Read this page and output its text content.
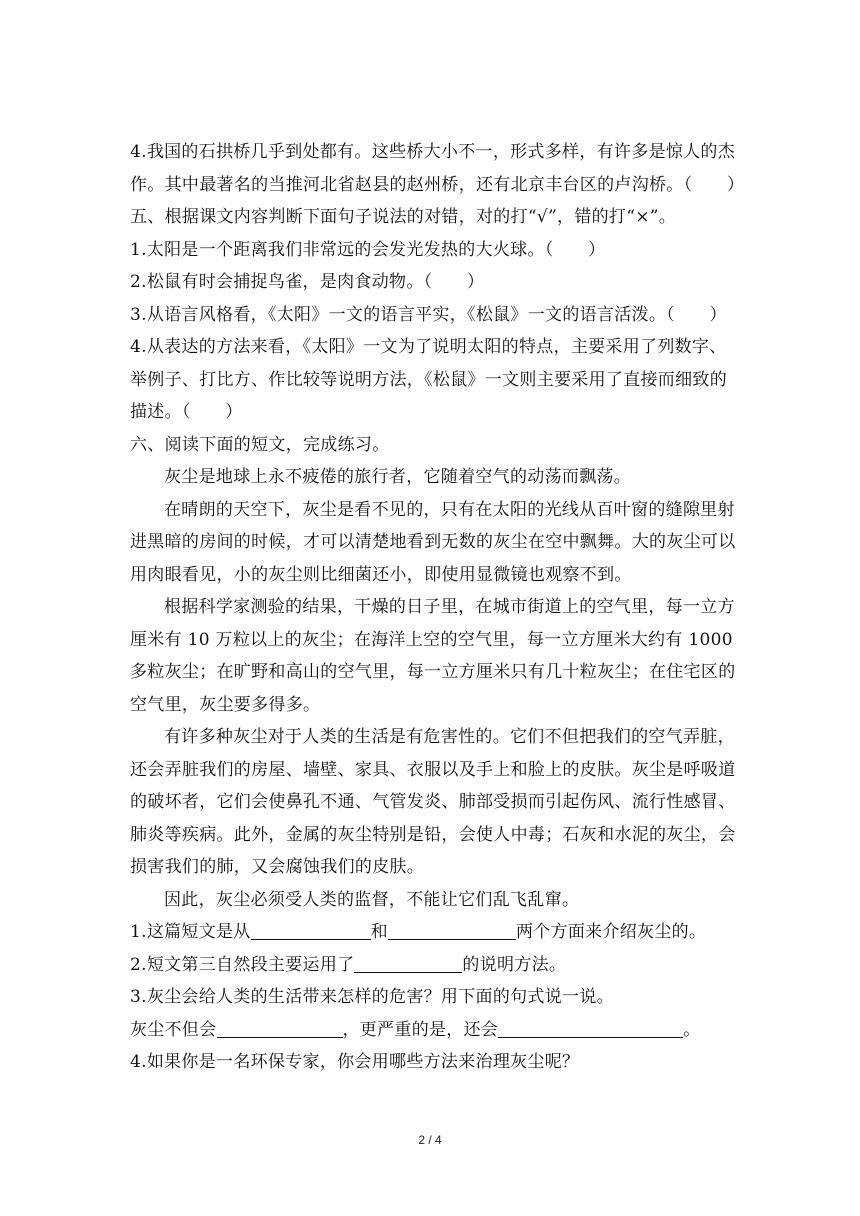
4.我国的石拱桥几乎到处都有。这些桥大小不一，形式多样，有许多是惊人的杰
作。其中最著名的当推河北省赵县的赵州桥，还有北京丰台区的卢沟桥。（　　）
五、根据课文内容判断下面句子说法的对错，对的打“√”，错的打“×”。
1.太阳是一个距离我们非常远的会发光发热的大火球。（　　）
2.松鼠有时会捕捉鸟雀，是肉食动物。（　　）
3.从语言风格看，《太阳》一文的语言平实，《松鼠》一文的语言活泼。（　　）
4.从表达的方法来看，《太阳》一文为了说明太阳的特点，主要采用了列数字、
举例子、打比方、作比较等说明方法，《松鼠》一文则主要采用了直接而细致的
描述。（　　）
六、阅读下面的短文，完成练习。
灰尘是地球上永不疲倦的旅行者，它随着空气的动荡而飘荡。
在晴朗的天空下，灰尘是看不见的，只有在太阳的光线从百叶窗的缝隙里射
进黑暗的房间的时候，才可以清楚地看到无数的灰尘在空中飘舞。大的灰尘可以
用肉眼看见，小的灰尘则比细菌还小，即使用显微镜也观察不到。
根据科学家测验的结果，干燥的日子里，在城市街道上的空气里，每一立方
厘米有 10 万粒以上的灰尘；在海洋上空的空气里，每一立方厘米大约有 1000
多粒灰尘；在旷野和高山的空气里，每一立方厘米只有几十粒灰尘；在住宅区的
空气里，灰尘要多得多。
有许多种灰尘对于人类的生活是有危害性的。它们不但把我们的空气弄脏，
还会弄脏我们的房屋、墙壁、家具、衣服以及手上和脸上的皮肤。灰尘是呼吸道
的破坏者，它们会使鼻孔不通、气管发炎、肺部受损而引起伤风、流行性感冒、
肺炎等疾病。此外，金属的灰尘特别是铅，会使人中毒；石灰和水泥的灰尘，会
损害我们的肺，又会腐蚀我们的皮肤。
因此，灰尘必须受人类的监督，不能让它们乱飞乱窜。
1.这篇短文是从	和	两个方面来介绍灰尘的。
2.短文第三自然段主要运用了	的说明方法。
3.灰尘会给人类的生活带来怎样的危害？用下面的句式说一说。
灰尘不但会	，更严重的是，还会	。
4.如果你是一名环保专家，你会用哪些方法来治理灰尘呢？
2 / 4
